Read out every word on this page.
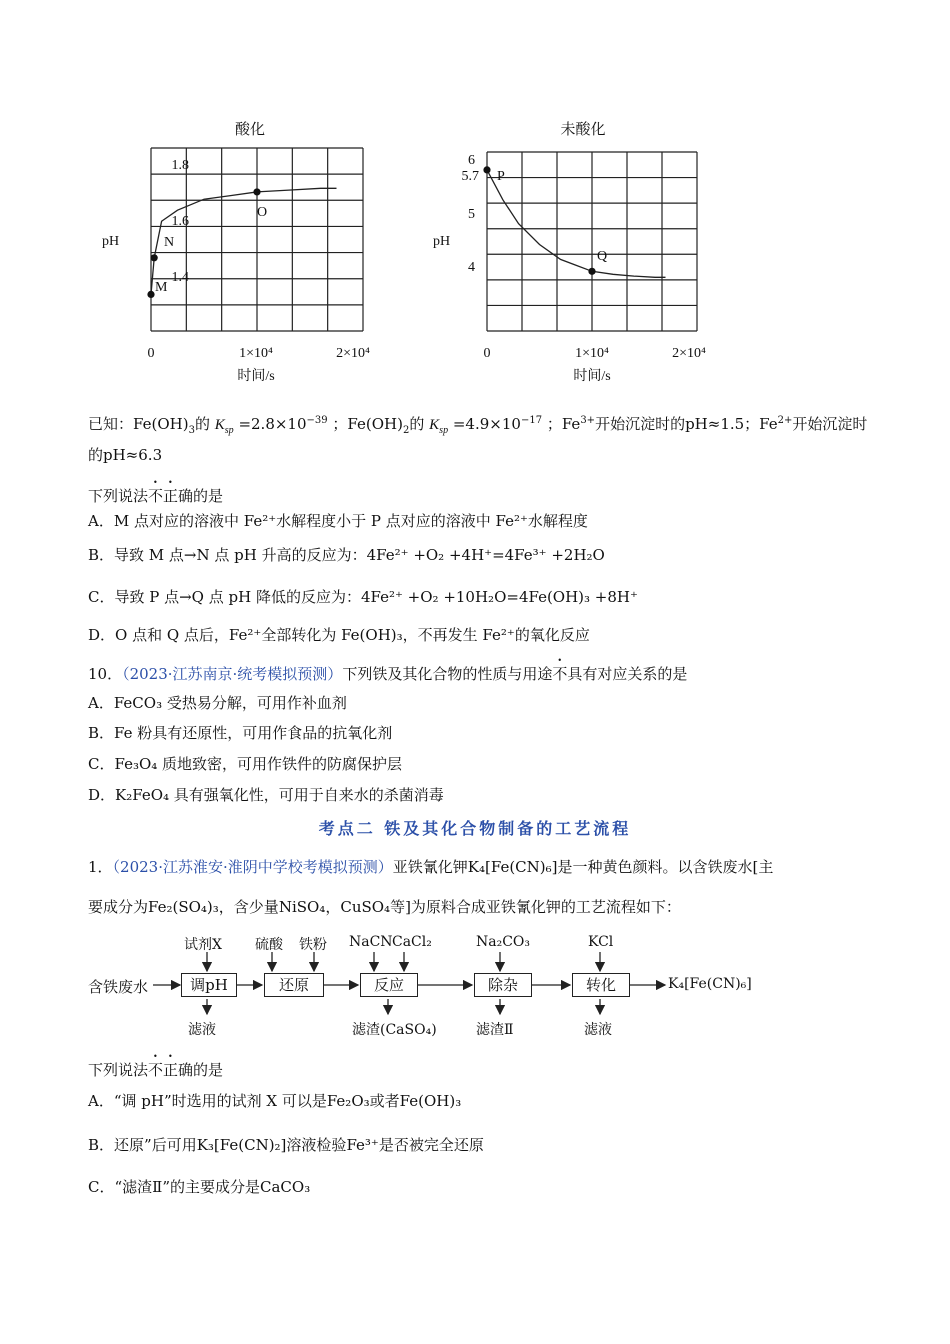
酸化	未酸化
1.8
1.6
1.4
pH
0	1×10⁴	2×10⁴
时间/s
M
N
O
6
5.7
5
4
pH
0	1×10⁴	2×10⁴
时间/s
P
Q
已知：$Fe(OH)_3$的 $K_{sp} =2.8\times 10^{-39}$ ；$Fe(OH)_2$的 $K_{sp} =4.9\times 10^{-17}$ ；$Fe^{3+}$开始沉淀时的pH≈1.5；$Fe^{2+}$开始沉淀时
的pH≈6.3
下列说法不正确的是
A．M 点对应的溶液中 Fe²⁺水解程度小于 P 点对应的溶液中 Fe²⁺水解程度
B．导致 M 点→N 点 pH 升高的反应为：4Fe²⁺ +O₂ +4H⁺=4Fe³⁺ +2H₂O
C．导致 P 点→Q 点 pH 降低的反应为：4Fe²⁺ +O₂ +10H₂O=4Fe(OH)₃ +8H⁺
D．O 点和 Q 点后，Fe²⁺全部转化为 Fe(OH)₃，不再发生 Fe²⁺的氧化反应
10．（2023·江苏南京·统考模拟预测）下列铁及其化合物的性质与用途不具有对应关系的是
A．FeCO₃ 受热易分解，可用作补血剂
B．Fe 粉具有还原性，可用作食品的抗氧化剂
C．Fe₃O₄ 质地致密，可用作铁件的防腐保护层
D．K₂FeO₄ 具有强氧化性，可用于自来水的杀菌消毒
考点二 铁及其化合物制备的工艺流程
1．（2023·江苏淮安·淮阴中学校考模拟预测）亚铁氰化钾K₄[Fe(CN)₆]是一种黄色颜料。以含铁废水[主
要成分为Fe₂(SO₄)₃，含少量NiSO₄，CuSO₄等]为原料合成亚铁氰化钾的工艺流程如下：
含铁废水	K₄[Fe(CN)₆]
调pH	还原	反应	除杂	转化
试剂X
滤液
硫酸 铁粉 NaCN CaCl₂
滤渣(CaSO₄)
Na₂CO₃
滤渣Ⅱ
KCl
滤液
下列说法不正确的是
A．“调 pH”时选用的试剂 X 可以是Fe₂O₃或者Fe(OH)₃
B．还原”后可用K₃[Fe(CN)₂]溶液检验Fe³⁺是否被完全还原
C．“滤渣Ⅱ”的主要成分是CaCO₃
